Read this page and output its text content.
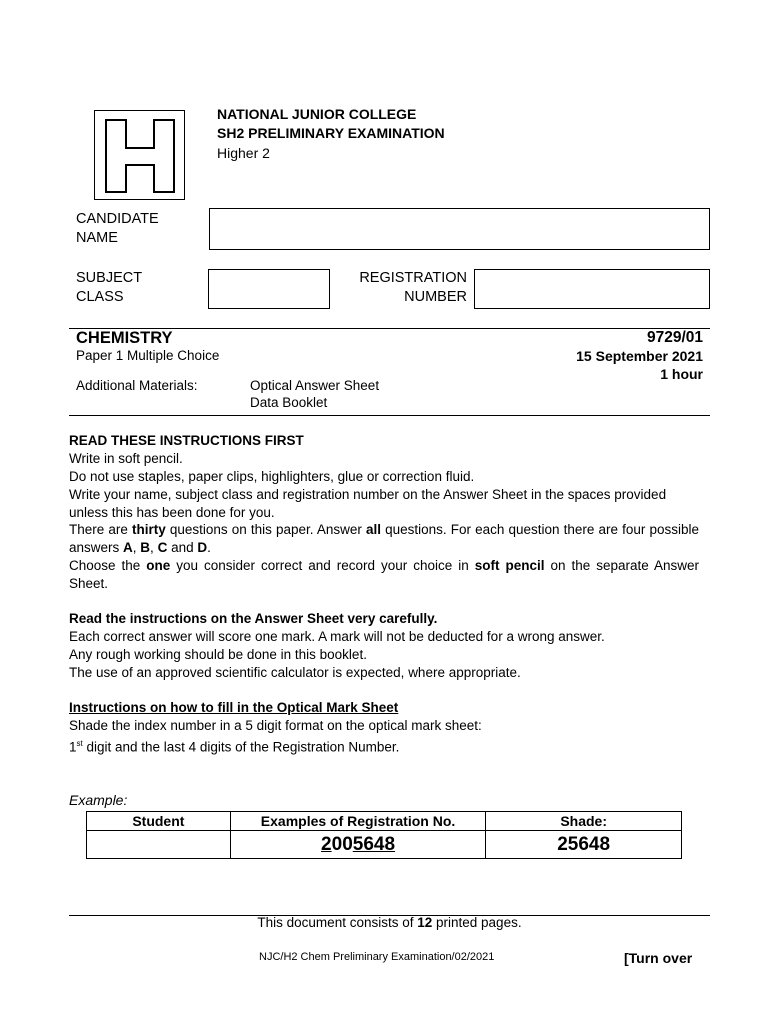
NATIONAL JUNIOR COLLEGE
SH2 PRELIMINARY EXAMINATION
Higher 2
CANDIDATE
NAME
SUBJECT
CLASS
REGISTRATION
NUMBER
CHEMISTRY	9729/01
Paper 1 Multiple Choice	15 September 2021
1 hour
Additional Materials:	Optical Answer Sheet
Data Booklet
READ THESE INSTRUCTIONS FIRST
Write in soft pencil.
Do not use staples, paper clips, highlighters, glue or correction fluid.
Write your name, subject class and registration number on the Answer Sheet in the spaces provided unless this has been done for you.
There are thirty questions on this paper. Answer all questions. For each question there are four possible answers A, B, C and D.
Choose the one you consider correct and record your choice in soft pencil on the separate Answer Sheet.
Read the instructions on the Answer Sheet very carefully.
Each correct answer will score one mark. A mark will not be deducted for a wrong answer.
Any rough working should be done in this booklet.
The use of an approved scientific calculator is expected, where appropriate.
Instructions on how to fill in the Optical Mark Sheet
Shade the index number in a 5 digit format on the optical mark sheet:
1st digit and the last 4 digits of the Registration Number.
Example:
Student	Examples of Registration No.	Shade:
	2005648	25648
This document consists of 12 printed pages.
NJC/H2 Chem Preliminary Examination/02/2021	[Turn over
